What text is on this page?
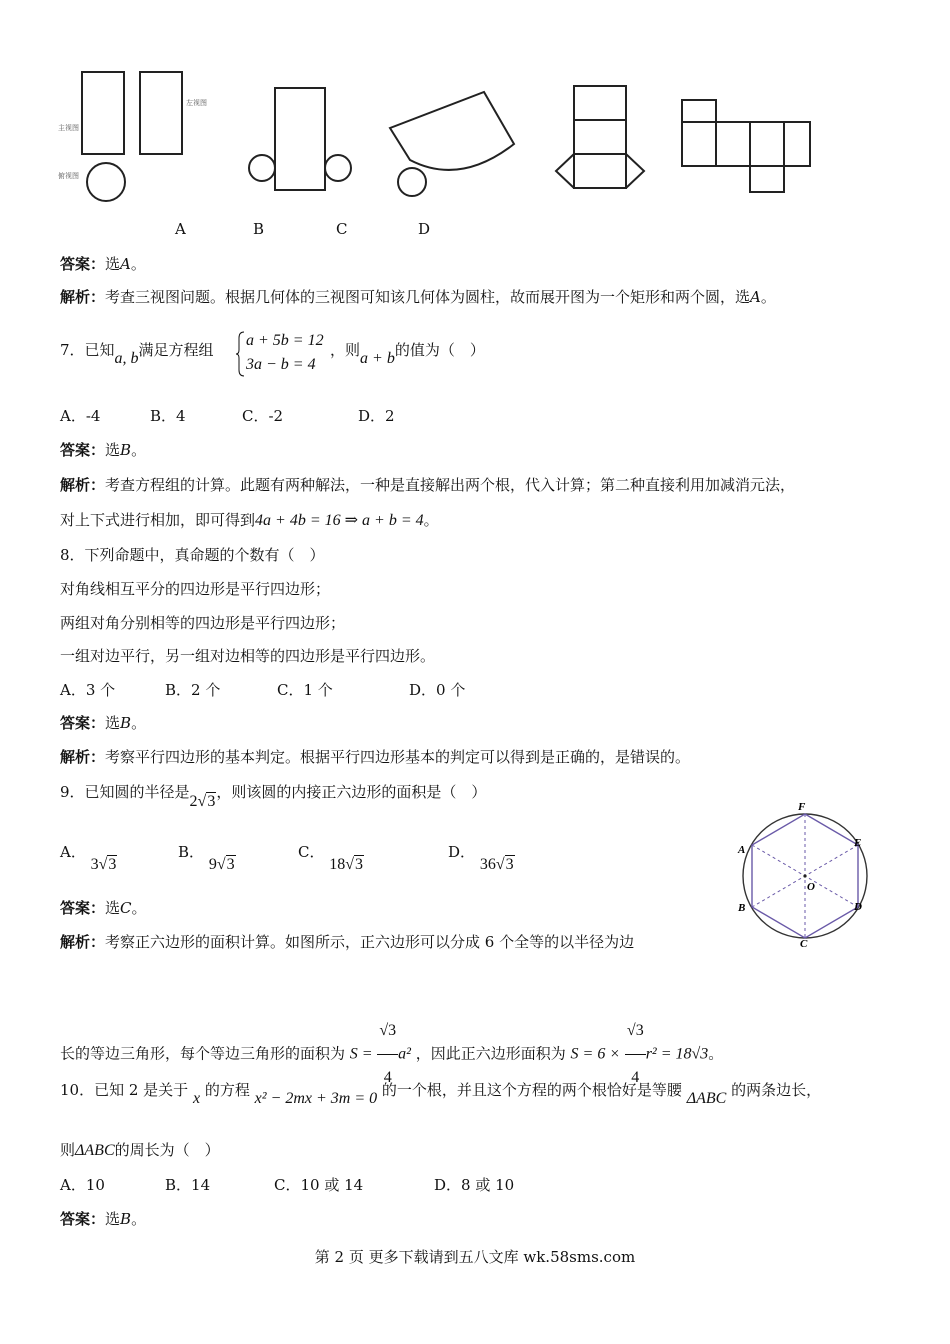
主视图
左视图
俯视图
A	B	C	D
答案：选A。
解析：考查三视图问题。根据几何体的三视图可知该几何体为圆柱，故而展开图为一个矩形和两个圆，选A。
7．已知a, b满足方程组
a + 5b = 12
3a − b = 4
，则a + b的值为（　）
A．-4	B．4	C．-2	D．2
答案：选B。
解析：考查方程组的计算。此题有两种解法，一种是直接解出两个根，代入计算；第二种直接利用加减消元法，
对上下式进行相加，即可得到4a + 4b = 16 ⇒ a + b = 4。
8．下列命题中，真命题的个数有（　）
对角线相互平分的四边形是平行四边形；
两组对角分别相等的四边形是平行四边形；
一组对边平行，另一组对边相等的四边形是平行四边形。
A．3 个	B．2 个	C．1 个	D．0 个
答案：选B。
解析：考察平行四边形的基本判定。根据平行四边形基本的判定可以得到是正确的，是错误的。
9．已知圆的半径是2√3，则该圆的内接正六边形的面积是（　）
A． 3√3
B． 9√3
C． 18√3
D． 36√3
F
E
D
C
B
A
O
答案：选C。
解析：考察正六边形的面积计算。如图所示，正六边形可以分成 6 个全等的以半径为边
长的等边三角形，每个等边三角形的面积为 $S = \frac{√3}{4} a^2$ ，因此正六边形面积为 $S = 6 \times \frac{√3}{4} r^2 = 18√3$。
10．已知 2 是关于 x 的方程 x² − 2mx + 3m = 0 的一个根，并且这个方程的两个根恰好是等腰 ΔABC 的两条边长，
则ΔABC的周长为（　）
A．10	B．14	C．10 或 14	D．8 或 10
答案：选B。
第 2 页 更多下载请到五八文库 wk.58sms.com
